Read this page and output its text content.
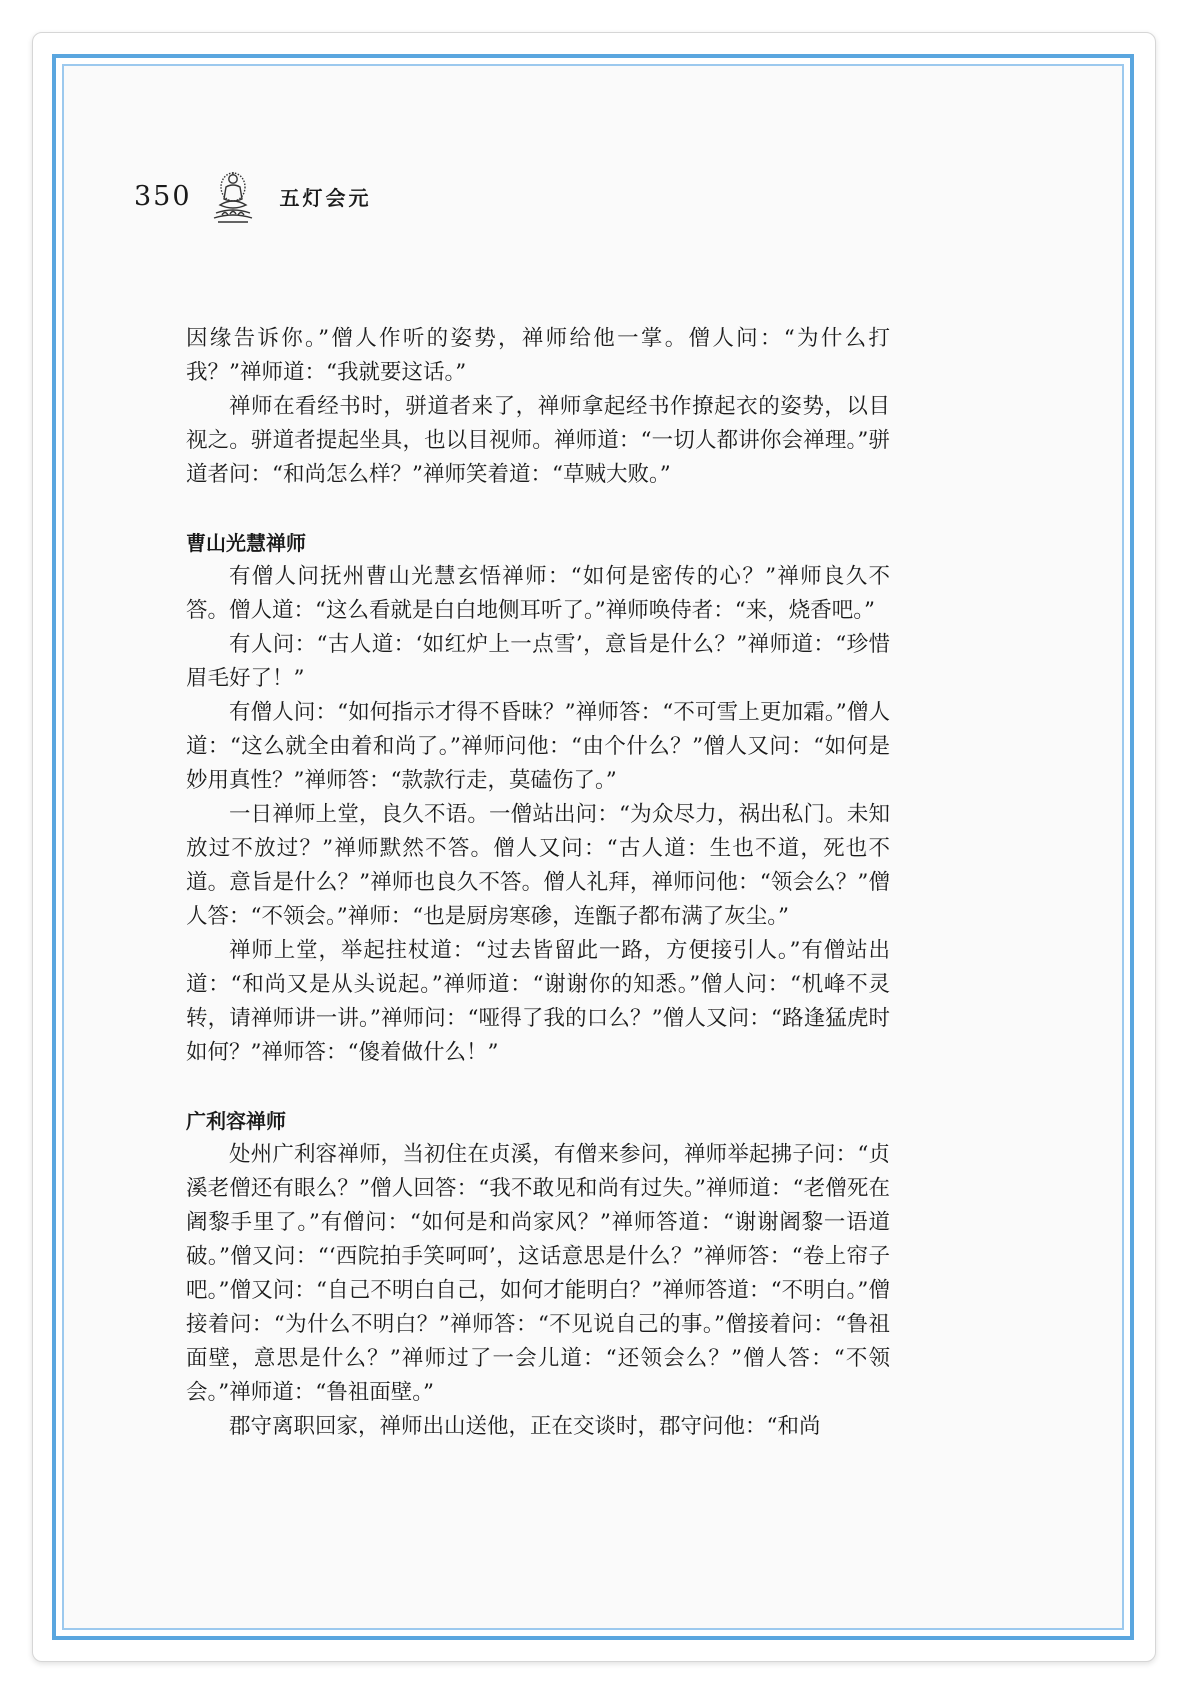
350	五灯会元

因缘告诉你。”僧人作听的姿势，禅师给他一掌。僧人问：“为什么打我？”禅师道：“我就要这话。”

禅师在看经书时，骈道者来了，禅师拿起经书作撩起衣的姿势，以目视之。骈道者提起坐具，也以目视师。禅师道：“一切人都讲你会禅理。”骈道者问：“和尚怎么样？”禅师笑着道：“草贼大败。”

曹山光慧禅师

有僧人问抚州曹山光慧玄悟禅师：“如何是密传的心？”禅师良久不答。僧人道：“这么看就是白白地侧耳听了。”禅师唤侍者：“来，烧香吧。”

有人问：“古人道：‘如红炉上一点雪’，意旨是什么？”禅师道：“珍惜眉毛好了！”

有僧人问：“如何指示才得不昏昧？”禅师答：“不可雪上更加霜。”僧人道：“这么就全由着和尚了。”禅师问他：“由个什么？”僧人又问：“如何是妙用真性？”禅师答：“款款行走，莫磕伤了。”

一日禅师上堂，良久不语。一僧站出问：“为众尽力，祸出私门。未知放过不放过？”禅师默然不答。僧人又问：“古人道：生也不道，死也不道。意旨是什么？”禅师也良久不答。僧人礼拜，禅师问他：“领会么？”僧人答：“不领会。”禅师：“也是厨房寒碜，连甑子都布满了灰尘。”

禅师上堂，举起拄杖道：“过去皆留此一路，方便接引人。”有僧站出道：“和尚又是从头说起。”禅师道：“谢谢你的知悉。”僧人问：“机峰不灵转，请禅师讲一讲。”禅师问：“哑得了我的口么？”僧人又问：“路逢猛虎时如何？”禅师答：“傻着做什么！”

广利容禅师

处州广利容禅师，当初住在贞溪，有僧来参问，禅师举起拂子问：“贞溪老僧还有眼么？”僧人回答：“我不敢见和尚有过失。”禅师道：“老僧死在阇黎手里了。”有僧问：“如何是和尚家风？”禅师答道：“谢谢阇黎一语道破。”僧又问：“‘西院拍手笑呵呵’，这话意思是什么？”禅师答：“卷上帘子吧。”僧又问：“自己不明白自己，如何才能明白？”禅师答道：“不明白。”僧接着问：“为什么不明白？”禅师答：“不见说自己的事。”僧接着问：“鲁祖面壁，意思是什么？”禅师过了一会儿道：“还领会么？”僧人答：“不领会。”禅师道：“鲁祖面壁。”

郡守离职回家，禅师出山送他，正在交谈时，郡守问他：“和尚
